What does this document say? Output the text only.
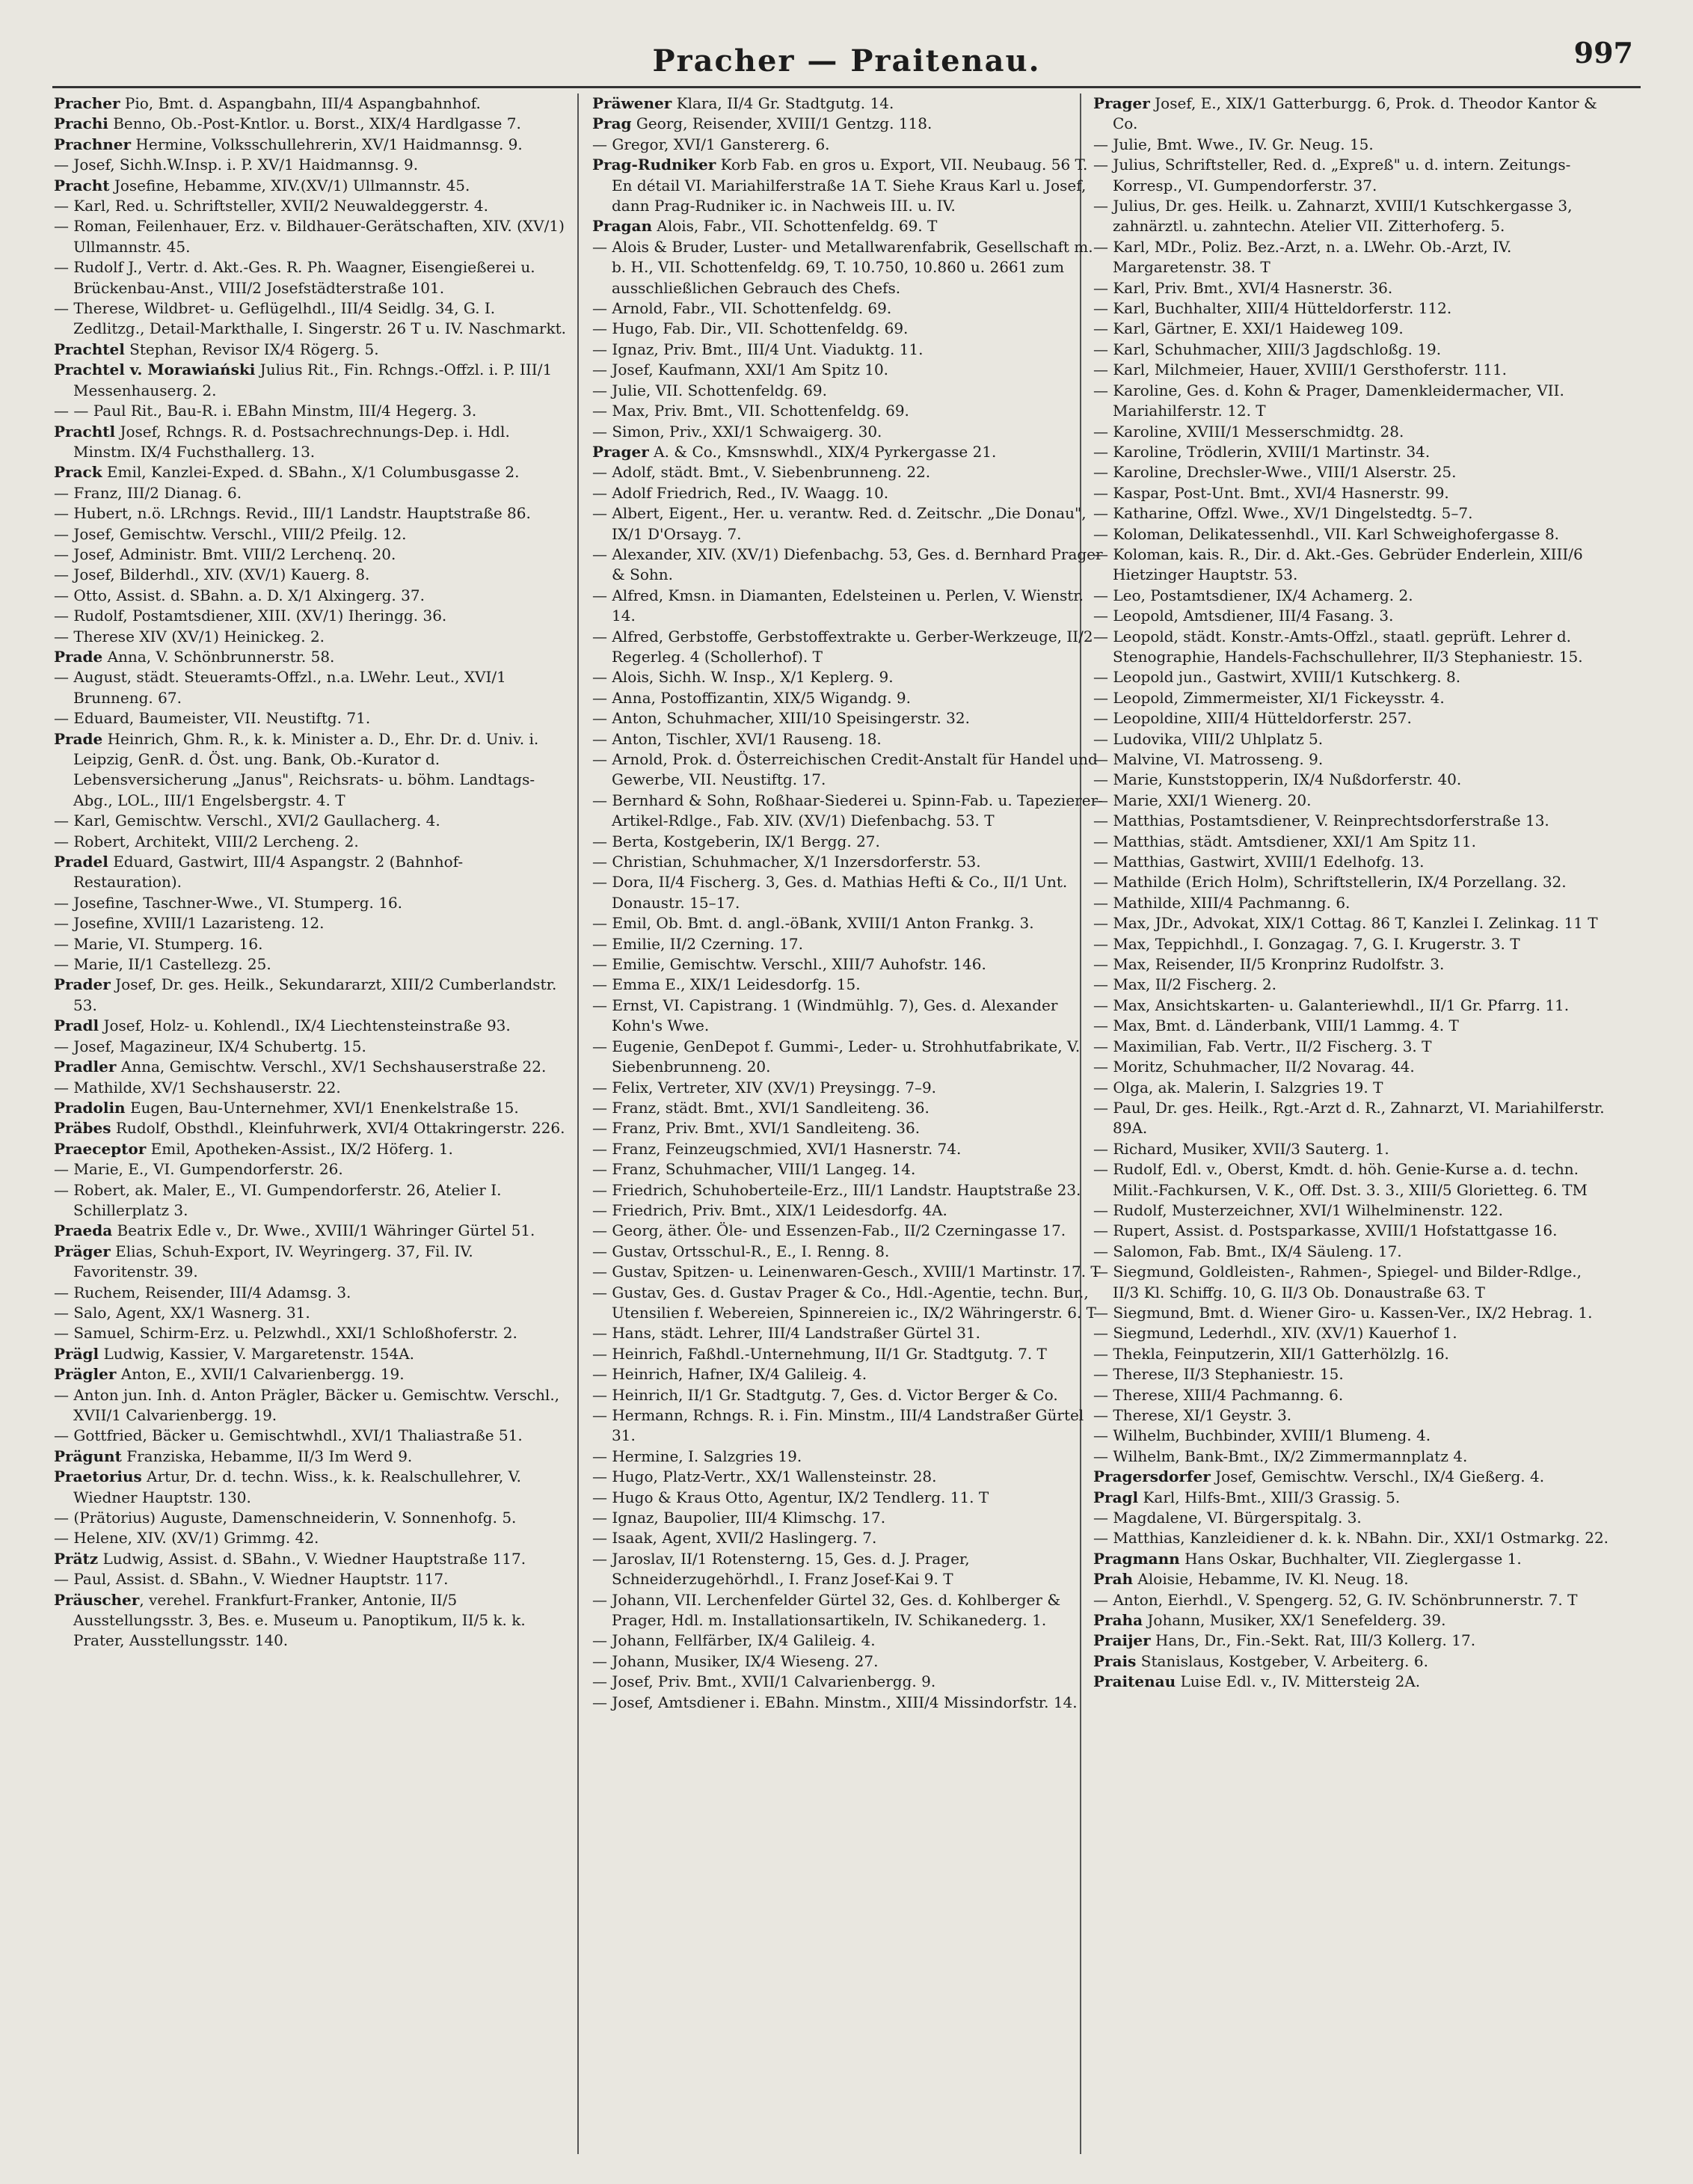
Pracher — Praitenau.	997

Pracher Pio, Bmt. d. Aspangbahn, III/4 Aspangbahnhof.

Prachi Benno, Ob.-Post-Kntlor. u. Borst., XIX/4 Hardlgasse 7.

Prachner Hermine, Volksschullehrerin, XV/1 Haidmannsg. 9.

— Josef, Sichh.W.Insp. i. P. XV/1 Haidmannsg. 9.

Pracht Josefine, Hebamme, XIV.(XV/1) Ullmannstr. 45.

— Karl, Red. u. Schriftsteller, XVII/2 Neuwaldeggerstr. 4.

— Roman, Feilenhauer, Erz. v. Bildhauer-Gerätschaften, XIV. (XV/1) Ullmannstr. 45.

— Rudolf J., Vertr. d. Akt.-Ges. R. Ph. Waagner, Eisengießerei u. Brückenbau-Anst., VIII/2 Josefstädterstraße 101.

— Therese, Wildbret- u. Geflügelhdl., III/4 Seidlg. 34, G. I. Zedlitzg., Detail-Markthalle, I. Singerstr. 26 T u. IV. Naschmarkt.

Prachtel Stephan, Revisor IX/4 Rögerg. 5.

Prachtel v. Morawiański Julius Rit., Fin. Rchngs.-Offzl. i. P. III/1 Messenhauserg. 2.

— — Paul Rit., Bau-R. i. EBahn Minstm, III/4 Hegerg. 3.

Prachtl Josef, Rchngs. R. d. Postsachrechnungs-Dep. i. Hdl. Minstm. IX/4 Fuchsthallerg. 13.

Prack Emil, Kanzlei-Exped. d. SBahn., X/1 Columbusgasse 2.

— Franz, III/2 Dianag. 6.

— Hubert, n.ö. LRchngs. Revid., III/1 Landstr. Hauptstraße 86.

— Josef, Gemischtw. Verschl., VIII/2 Pfeilg. 12.

— Josef, Administr. Bmt. VIII/2 Lerchenq. 20.

— Josef, Bilderhdl., XIV. (XV/1) Kauerg. 8.

— Otto, Assist. d. SBahn. a. D. X/1 Alxingerg. 37.

— Rudolf, Postamtsdiener, XIII. (XV/1) Iheringg. 36.

— Therese XIV (XV/1) Heinickeg. 2.

Prade Anna, V. Schönbrunnerstr. 58.

— August, städt. Steueramts-Offzl., n.a. LWehr. Leut., XVI/1 Brunneng. 67.

— Eduard, Baumeister, VII. Neustiftg. 71.

Prade Heinrich, Ghm. R., k. k. Minister a. D., Ehr. Dr. d. Univ. i. Leipzig, GenR. d. Öst. ung. Bank, Ob.-Kurator d. Lebensversicherung „Janus", Reichsrats- u. böhm. Landtags-Abg., LOL., III/1 Engelsbergstr. 4. T

— Karl, Gemischtw. Verschl., XVI/2 Gaullacherg. 4.

— Robert, Architekt, VIII/2 Lercheng. 2.

Pradel Eduard, Gastwirt, III/4 Aspangstr. 2 (Bahnhof-Restauration).

— Josefine, Taschner-Wwe., VI. Stumperg. 16.

— Josefine, XVIII/1 Lazaristeng. 12.

— Marie, VI. Stumperg. 16.

— Marie, II/1 Castellezg. 25.

Prader Josef, Dr. ges. Heilk., Sekundararzt, XIII/2 Cumberlandstr. 53.

Pradl Josef, Holz- u. Kohlendl., IX/4 Liechtensteinstraße 93.

— Josef, Magazineur, IX/4 Schubertg. 15.

Pradler Anna, Gemischtw. Verschl., XV/1 Sechshauserstraße 22.

— Mathilde, XV/1 Sechshauserstr. 22.

Pradolin Eugen, Bau-Unternehmer, XVI/1 Enenkelstraße 15.

Präbes Rudolf, Obsthdl., Kleinfuhrwerk, XVI/4 Ottakringerstr. 226.

Praeceptor Emil, Apotheken-Assist., IX/2 Höferg. 1.

— Marie, E., VI. Gumpendorferstr. 26.

— Robert, ak. Maler, E., VI. Gumpendorferstr. 26, Atelier I. Schillerplatz 3.

Praeda Beatrix Edle v., Dr. Wwe., XVIII/1 Währinger Gürtel 51.

Präger Elias, Schuh-Export, IV. Weyringerg. 37, Fil. IV. Favoritenstr. 39.

— Ruchem, Reisender, III/4 Adamsg. 3.

— Salo, Agent, XX/1 Wasnerg. 31.

— Samuel, Schirm-Erz. u. Pelzwhdl., XXI/1 Schloßhoferstr. 2.

Prägl Ludwig, Kassier, V. Margaretenstr. 154A.

Prägler Anton, E., XVII/1 Calvarienbergg. 19.

— Anton jun. Inh. d. Anton Prägler, Bäcker u. Gemischtw. Verschl., XVII/1 Calvarienbergg. 19.

— Gottfried, Bäcker u. Gemischtwhdl., XVI/1 Thaliastraße 51.

Prägunt Franziska, Hebamme, II/3 Im Werd 9.

Praetorius Artur, Dr. d. techn. Wiss., k. k. Realschullehrer, V. Wiedner Hauptstr. 130.

— (Prätorius) Auguste, Damenschneiderin, V. Sonnenhofg. 5.

— Helene, XIV. (XV/1) Grimmg. 42.

Prätz Ludwig, Assist. d. SBahn., V. Wiedner Hauptstraße 117.

— Paul, Assist. d. SBahn., V. Wiedner Hauptstr. 117.

Präuscher, verehel. Frankfurt-Franker, Antonie, II/5 Ausstellungsstr. 3, Bes. e. Museum u. Panoptikum, II/5 k. k. Prater, Ausstellungsstr. 140.

Präwener Klara, II/4 Gr. Stadtgutg. 14.

Prag Georg, Reisender, XVIII/1 Gentzg. 118.

— Gregor, XVI/1 Ganstererg. 6.

Prag-Rudniker Korb Fab. en gros u. Export, VII. Neubaug. 56 T. En détail VI. Mariahilferstraße 1A T. Siehe Kraus Karl u. Josef, dann Prag-Rudniker ic. in Nachweis III. u. IV.

Pragan Alois, Fabr., VII. Schottenfeldg. 69. T

— Alois & Bruder, Luster- und Metallwarenfabrik, Gesellschaft m. b. H., VII. Schottenfeldg. 69, T. 10.750, 10.860 u. 2661 zum ausschließlichen Gebrauch des Chefs.

— Arnold, Fabr., VII. Schottenfeldg. 69.

— Hugo, Fab. Dir., VII. Schottenfeldg. 69.

— Ignaz, Priv. Bmt., III/4 Unt. Viaduktg. 11.

— Josef, Kaufmann, XXI/1 Am Spitz 10.

— Julie, VII. Schottenfeldg. 69.

— Max, Priv. Bmt., VII. Schottenfeldg. 69.

— Simon, Priv., XXI/1 Schwaigerg. 30.

Prager A. & Co., Kmsnswhdl., XIX/4 Pyrkergasse 21.

— Adolf, städt. Bmt., V. Siebenbrunneng. 22.

— Adolf Friedrich, Red., IV. Waagg. 10.

— Albert, Eigent., Her. u. verantw. Red. d. Zeitschr. „Die Donau", IX/1 D'Orsayg. 7.

— Alexander, XIV. (XV/1) Diefenbachg. 53, Ges. d. Bernhard Prager & Sohn.

— Alfred, Kmsn. in Diamanten, Edelsteinen u. Perlen, V. Wienstr. 14.

— Alfred, Gerbstoffe, Gerbstoffextrakte u. Gerber-Werkzeuge, II/2 Regerleg. 4 (Schollerhof). T

— Alois, Sichh. W. Insp., X/1 Keplerg. 9.

— Anna, Postoffizantin, XIX/5 Wigandg. 9.

— Anton, Schuhmacher, XIII/10 Speisingerstr. 32.

— Anton, Tischler, XVI/1 Rauseng. 18.

— Arnold, Prok. d. Österreichischen Credit-Anstalt für Handel und Gewerbe, VII. Neustiftg. 17.

— Bernhard & Sohn, Roßhaar-Siederei u. Spinn-Fab. u. Tapezierer-Artikel-Rdlge., Fab. XIV. (XV/1) Diefenbachg. 53. T

— Berta, Kostgeberin, IX/1 Bergg. 27.

— Christian, Schuhmacher, X/1 Inzersdorferstr. 53.

— Dora, II/4 Fischerg. 3, Ges. d. Mathias Hefti & Co., II/1 Unt. Donaustr. 15–17.

— Emil, Ob. Bmt. d. angl.-öBank, XVIII/1 Anton Frankg. 3.

— Emilie, II/2 Czerning. 17.

— Emilie, Gemischtw. Verschl., XIII/7 Auhofstr. 146.

— Emma E., XIX/1 Leidesdorfg. 15.

— Ernst, VI. Capistrang. 1 (Windmühlg. 7), Ges. d. Alexander Kohn's Wwe.

— Eugenie, GenDepot f. Gummi-, Leder- u. Strohhutfabrikate, V. Siebenbrunneng. 20.

— Felix, Vertreter, XIV (XV/1) Preysingg. 7–9.

— Franz, städt. Bmt., XVI/1 Sandleiteng. 36.

— Franz, Priv. Bmt., XVI/1 Sandleiteng. 36.

— Franz, Feinzeugschmied, XVI/1 Hasnerstr. 74.

— Franz, Schuhmacher, VIII/1 Langeg. 14.

— Friedrich, Schuhoberteile-Erz., III/1 Landstr. Hauptstraße 23.

— Friedrich, Priv. Bmt., XIX/1 Leidesdorfg. 4A.

— Georg, äther. Öle- und Essenzen-Fab., II/2 Czerningasse 17.

— Gustav, Ortsschul-R., E., I. Renng. 8.

— Gustav, Spitzen- u. Leinenwaren-Gesch., XVIII/1 Martinstr. 17. T

— Gustav, Ges. d. Gustav Prager & Co., Hdl.-Agentie, techn. Bur., Utensilien f. Webereien, Spinnereien ic., IX/2 Währingerstr. 6. T

— Hans, städt. Lehrer, III/4 Landstraßer Gürtel 31.

— Heinrich, Faßhdl.-Unternehmung, II/1 Gr. Stadtgutg. 7. T

— Heinrich, Hafner, IX/4 Galileig. 4.

— Heinrich, II/1 Gr. Stadtgutg. 7, Ges. d. Victor Berger & Co.

— Hermann, Rchngs. R. i. Fin. Minstm., III/4 Landstraßer Gürtel 31.

— Hermine, I. Salzgries 19.

— Hugo, Platz-Vertr., XX/1 Wallensteinstr. 28.

— Hugo & Kraus Otto, Agentur, IX/2 Tendlerg. 11. T

— Ignaz, Baupolier, III/4 Klimschg. 17.

— Isaak, Agent, XVII/2 Haslingerg. 7.

— Jaroslav, II/1 Rotensterng. 15, Ges. d. J. Prager, Schneiderzugehörhdl., I. Franz Josef-Kai 9. T

— Johann, VII. Lerchenfelder Gürtel 32, Ges. d. Kohlberger & Prager, Hdl. m. Installationsartikeln, IV. Schikanederg. 1.

— Johann, Fellfärber, IX/4 Galileig. 4.

— Johann, Musiker, IX/4 Wieseng. 27.

— Josef, Priv. Bmt., XVII/1 Calvarienbergg. 9.

— Josef, Amtsdiener i. EBahn. Minstm., XIII/4 Missindorfstr. 14.

Prager Josef, E., XIX/1 Gatterburgg. 6, Prok. d. Theodor Kantor & Co.

— Julie, Bmt. Wwe., IV. Gr. Neug. 15.

— Julius, Schriftsteller, Red. d. „Expreß" u. d. intern. Zeitungs-Korresp., VI. Gumpendorferstr. 37.

— Julius, Dr. ges. Heilk. u. Zahnarzt, XVIII/1 Kutschkergasse 3, zahnärztl. u. zahntechn. Atelier VII. Zitterhoferg. 5.

— Karl, MDr., Poliz. Bez.-Arzt, n. a. LWehr. Ob.-Arzt, IV. Margaretenstr. 38. T

— Karl, Priv. Bmt., XVI/4 Hasnerstr. 36.

— Karl, Buchhalter, XIII/4 Hütteldorferstr. 112.

— Karl, Gärtner, E. XXI/1 Haideweg 109.

— Karl, Schuhmacher, XIII/3 Jagdschloßg. 19.

— Karl, Milchmeier, Hauer, XVIII/1 Gersthoferstr. 111.

— Karoline, Ges. d. Kohn & Prager, Damenkleidermacher, VII. Mariahilferstr. 12. T

— Karoline, XVIII/1 Messerschmidtg. 28.

— Karoline, Trödlerin, XVIII/1 Martinstr. 34.

— Karoline, Drechsler-Wwe., VIII/1 Alserstr. 25.

— Kaspar, Post-Unt. Bmt., XVI/4 Hasnerstr. 99.

— Katharine, Offzl. Wwe., XV/1 Dingelstedtg. 5–7.

— Koloman, Delikatessenhdl., VII. Karl Schweighofergasse 8.

— Koloman, kais. R., Dir. d. Akt.-Ges. Gebrüder Enderlein, XIII/6 Hietzinger Hauptstr. 53.

— Leo, Postamtsdiener, IX/4 Achamerg. 2.

— Leopold, Amtsdiener, III/4 Fasang. 3.

— Leopold, städt. Konstr.-Amts-Offzl., staatl. geprüft. Lehrer d. Stenographie, Handels-Fachschullehrer, II/3 Stephaniestr. 15.

— Leopold jun., Gastwirt, XVIII/1 Kutschkerg. 8.

— Leopold, Zimmermeister, XI/1 Fickeysstr. 4.

— Leopoldine, XIII/4 Hütteldorferstr. 257.

— Ludovika, VIII/2 Uhlplatz 5.

— Malvine, VI. Matrosseng. 9.

— Marie, Kunststopperin, IX/4 Nußdorferstr. 40.

— Marie, XXI/1 Wienerg. 20.

— Matthias, Postamtsdiener, V. Reinprechtsdorferstraße 13.

— Matthias, städt. Amtsdiener, XXI/1 Am Spitz 11.

— Matthias, Gastwirt, XVIII/1 Edelhofg. 13.

— Mathilde (Erich Holm), Schriftstellerin, IX/4 Porzellang. 32.

— Mathilde, XIII/4 Pachmanng. 6.

— Max, JDr., Advokat, XIX/1 Cottag. 86 T, Kanzlei I. Zelinkag. 11 T

— Max, Teppichhdl., I. Gonzagag. 7, G. I. Krugerstr. 3. T

— Max, Reisender, II/5 Kronprinz Rudolfstr. 3.

— Max, II/2 Fischerg. 2.

— Max, Ansichtskarten- u. Galanteriewhdl., II/1 Gr. Pfarrg. 11.

— Max, Bmt. d. Länderbank, VIII/1 Lammg. 4. T

— Maximilian, Fab. Vertr., II/2 Fischerg. 3. T

— Moritz, Schuhmacher, II/2 Novarag. 44.

— Olga, ak. Malerin, I. Salzgries 19. T

— Paul, Dr. ges. Heilk., Rgt.-Arzt d. R., Zahnarzt, VI. Mariahilferstr. 89A.

— Richard, Musiker, XVII/3 Sauterg. 1.

— Rudolf, Edl. v., Oberst, Kmdt. d. höh. Genie-Kurse a. d. techn. Milit.-Fachkursen, V. K., Off. Dst. 3. 3., XIII/5 Glorietteg. 6. TM

— Rudolf, Musterzeichner, XVI/1 Wilhelminenstr. 122.

— Rupert, Assist. d. Postsparkasse, XVIII/1 Hofstattgasse 16.

— Salomon, Fab. Bmt., IX/4 Säuleng. 17.

— Siegmund, Goldleisten-, Rahmen-, Spiegel- und Bilder-Rdlge., II/3 Kl. Schiffg. 10, G. II/3 Ob. Donaustraße 63. T

— Siegmund, Bmt. d. Wiener Giro- u. Kassen-Ver., IX/2 Hebrag. 1.

— Siegmund, Lederhdl., XIV. (XV/1) Kauerhof 1.

— Thekla, Feinputzerin, XII/1 Gatterhölzlg. 16.

— Therese, II/3 Stephaniestr. 15.

— Therese, XIII/4 Pachmanng. 6.

— Therese, XI/1 Geystr. 3.

— Wilhelm, Buchbinder, XVIII/1 Blumeng. 4.

— Wilhelm, Bank-Bmt., IX/2 Zimmermannplatz 4.

Pragersdorfer Josef, Gemischtw. Verschl., IX/4 Gießerg. 4.

Pragl Karl, Hilfs-Bmt., XIII/3 Grassig. 5.

— Magdalene, VI. Bürgerspitalg. 3.

— Matthias, Kanzleidiener d. k. k. NBahn. Dir., XXI/1 Ostmarkg. 22.

Pragmann Hans Oskar, Buchhalter, VII. Zieglergasse 1.

Prah Aloisie, Hebamme, IV. Kl. Neug. 18.

— Anton, Eierhdl., V. Spengerg. 52, G. IV. Schönbrunnerstr. 7. T

Praha Johann, Musiker, XX/1 Senefelderg. 39.

Praijer Hans, Dr., Fin.-Sekt. Rat, III/3 Kollerg. 17.

Prais Stanislaus, Kostgeber, V. Arbeiterg. 6.

Praitenau Luise Edl. v., IV. Mittersteig 2A.
